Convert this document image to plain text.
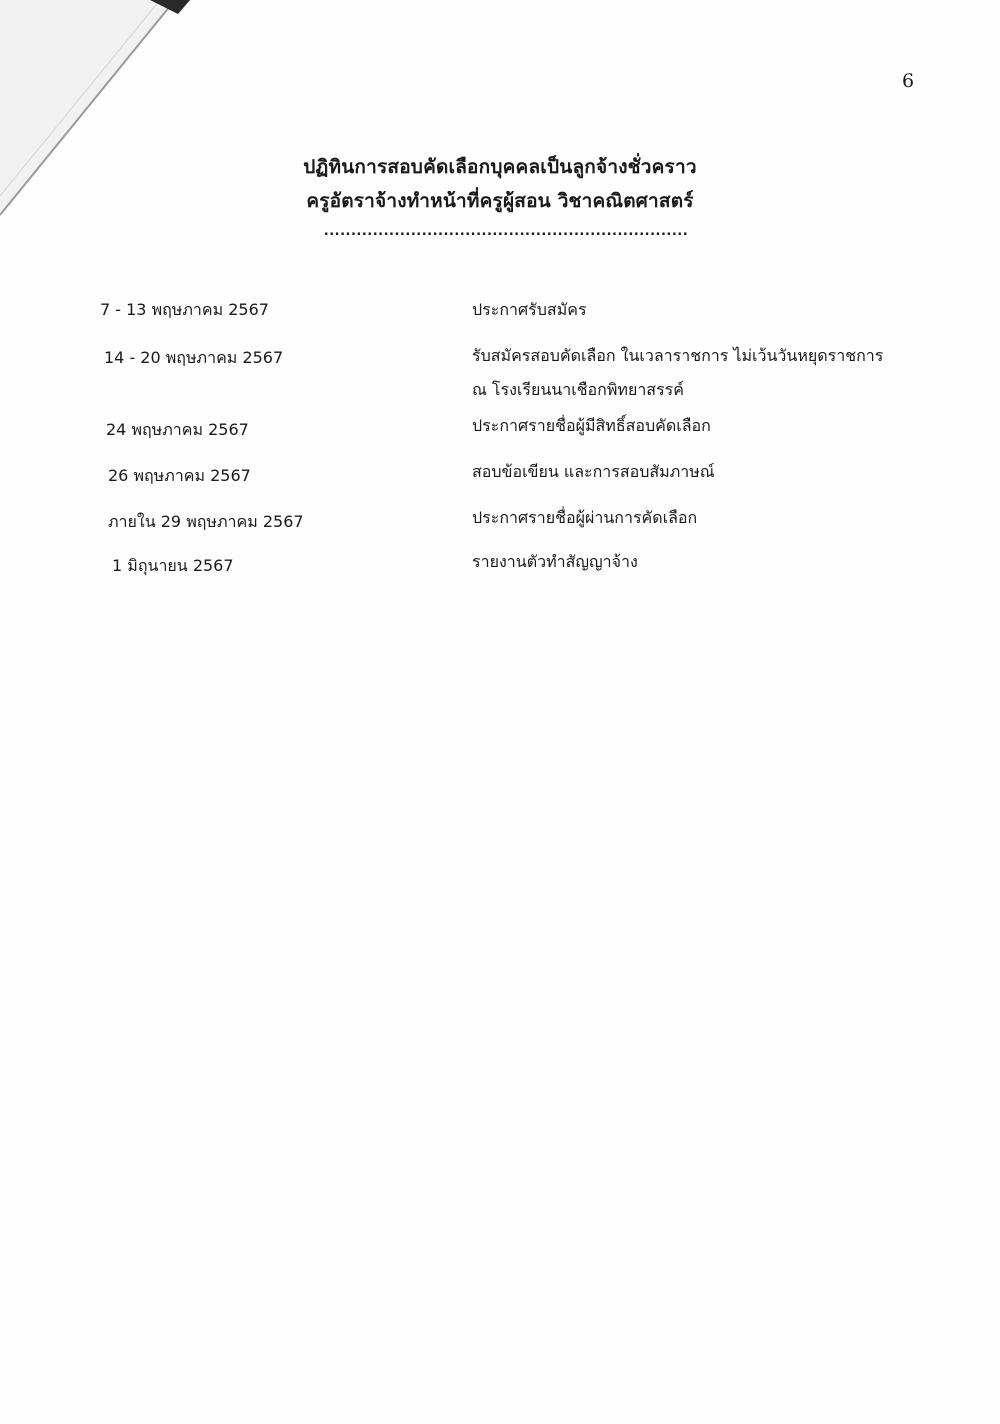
6
ปฏิทินการสอบคัดเลือกบุคคลเป็นลูกจ้างชั่วคราว
ครูอัตราจ้างทำหน้าที่ครูผู้สอน วิชาคณิตศาสตร์
...................................................................
7 - 13 พฤษภาคม 2567	ประกาศรับสมัคร
14 - 20 พฤษภาคม 2567	รับสมัครสอบคัดเลือก ในเวลาราชการ ไม่เว้นวันหยุดราชการ
ณ โรงเรียนนาเชือกพิทยาสรรค์
24 พฤษภาคม 2567	ประกาศรายชื่อผู้มีสิทธิ์สอบคัดเลือก
26 พฤษภาคม 2567	สอบข้อเขียน และการสอบสัมภาษณ์
ภายใน 29 พฤษภาคม 2567	ประกาศรายชื่อผู้ผ่านการคัดเลือก
1 มิถุนายน 2567	รายงานตัวทำสัญญาจ้าง
